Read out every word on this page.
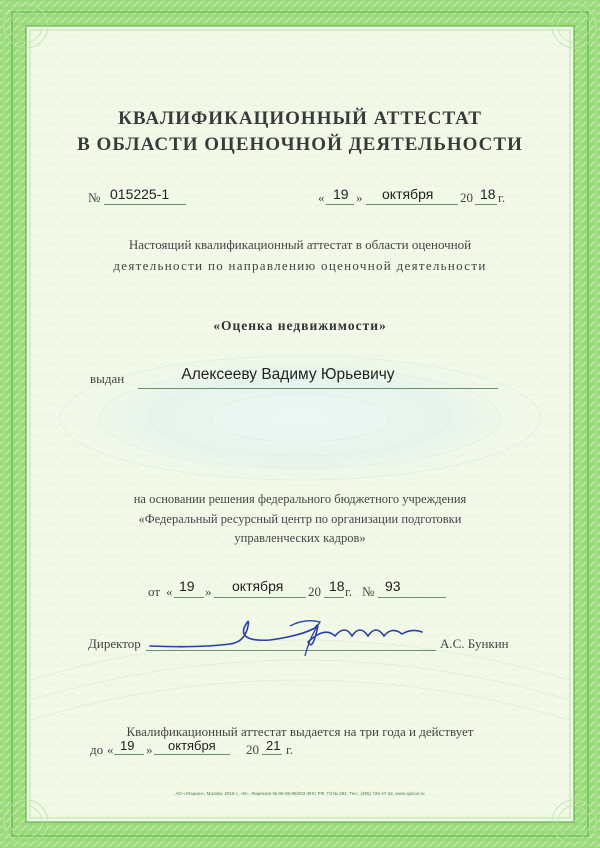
КВАЛИФИКАЦИОННЫЙ АТТЕСТАТ
В ОБЛАСТИ ОЦЕНОЧНОЙ ДЕЯТЕЛЬНОСТИ
№ 015225-1	« 19 » октября 20 18 г.
Настоящий квалификационный аттестат в области оценочной
деятельности по направлению оценочной деятельности
«Оценка недвижимости»
выдан	Алексееву Вадиму Юрьевичу
на основании решения федерального бюджетного учреждения
«Федеральный ресурсный центр по организации подготовки
управленческих кадров»
от « 19 » октября 20 18 г. № 93
Директор	А.С. Бункин
Квалификационный аттестат выдается на три года и действует
до « 19 » октября 20 21 г.
АО «Опцион», Москва, 2018 г., «В». Лицензия № 05-05-09/003 ФНС РФ. ТЗ № 282. Тел.: (495) 726-47-42, www.opcion.ru
